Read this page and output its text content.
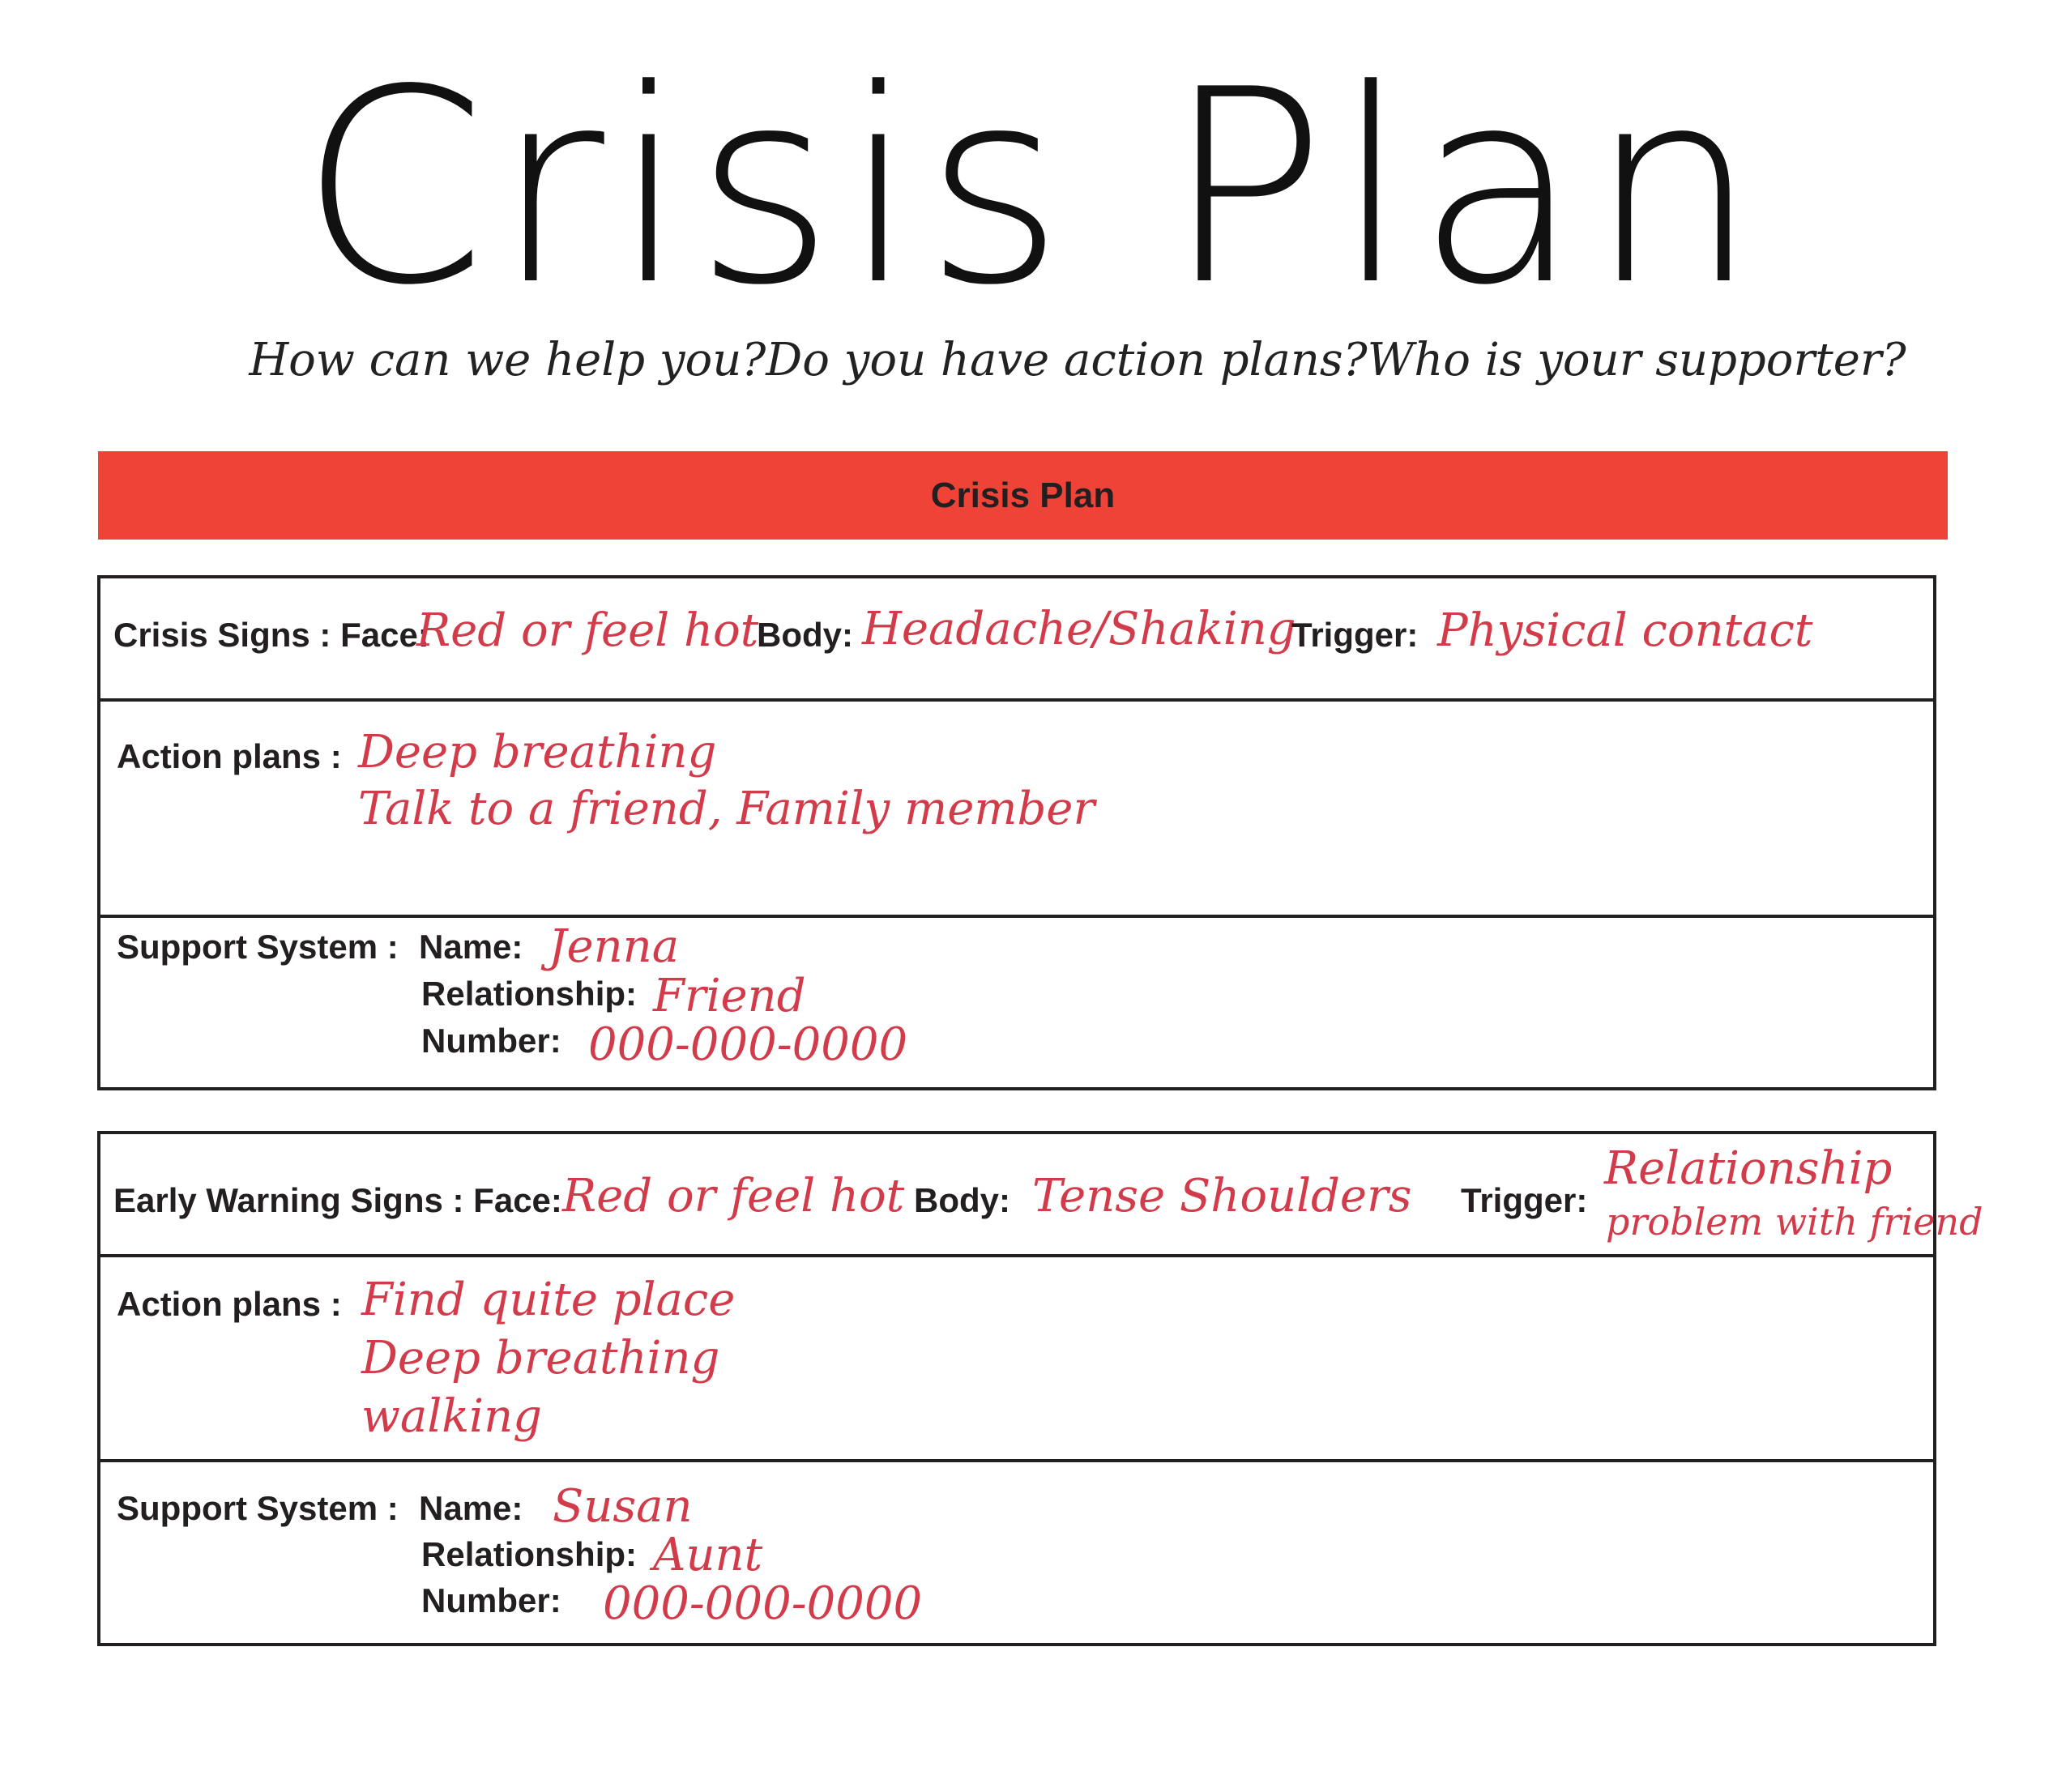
Crisis Plan
How can we help you?Do you have action plans?Who is your supporter?
Crisis Plan
Crisis Signs : Face:
Red or feel hot
Body: Headache/Shaking
Trigger: Physical contact
Action plans : Deep breathing
Talk to a friend, Family member
Support System : Name: Jenna
Relationship: Friend
Number: 000-000-0000
Early Warning Signs : Face: Red or feel hot Body: Tense Shoulders Trigger:
Relationship
problem with friend
Action plans : Find quite place
Deep breathing
walking
Support System : Name: Susan
Relationship: Aunt
Number: 000-000-0000
